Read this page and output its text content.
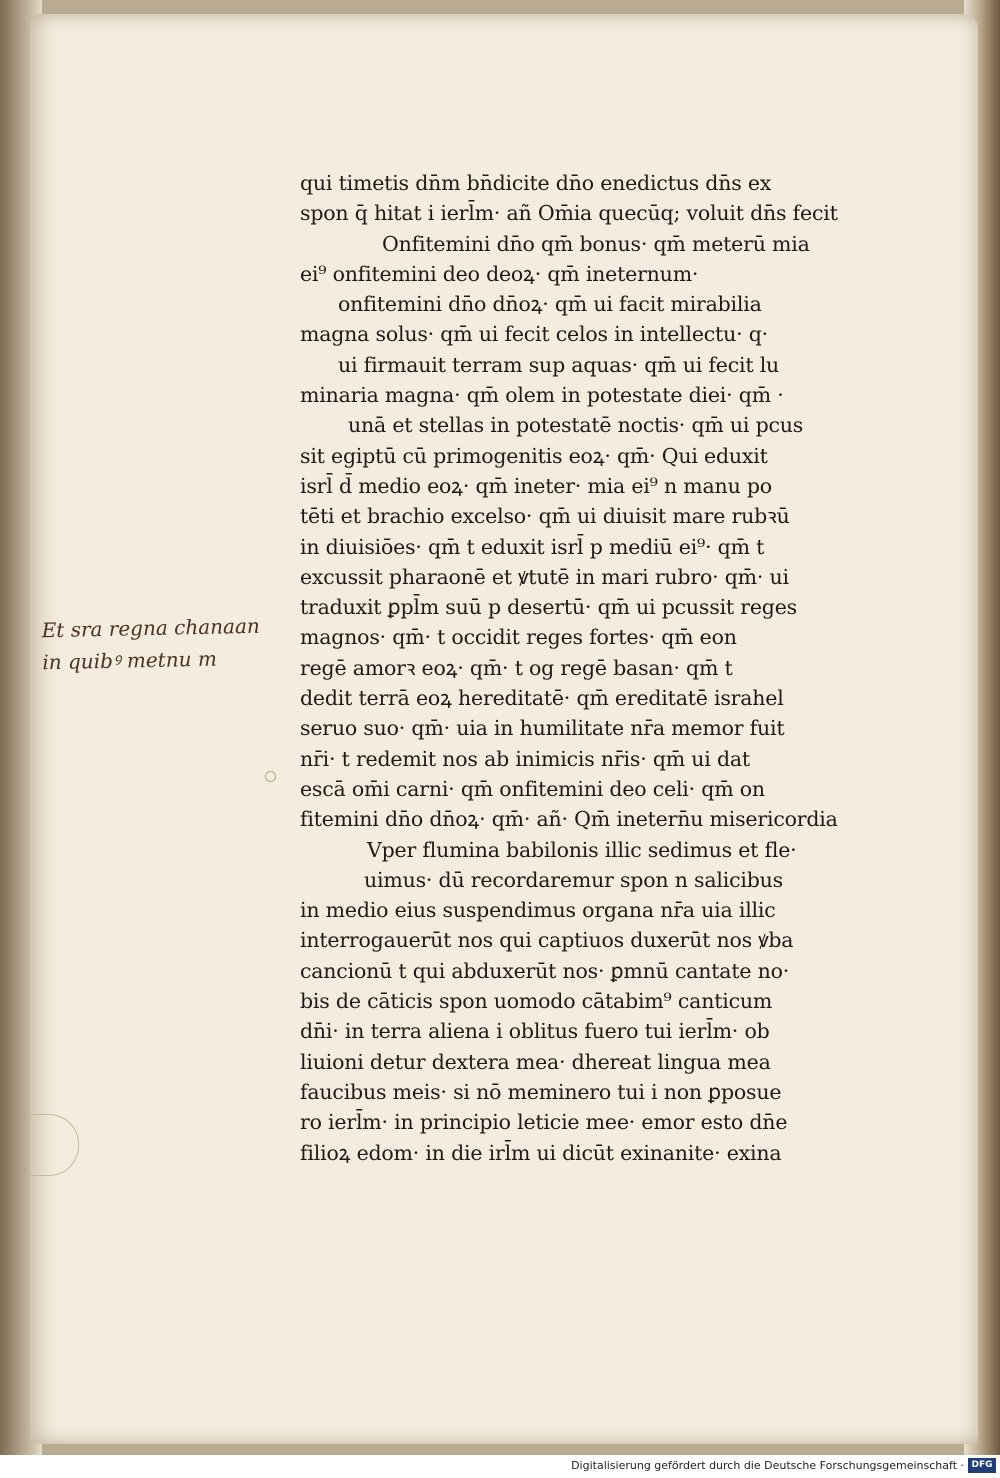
qui timetis dn̄m bn̄dicite dn̄o enedictus dn̄s ex
spon q̄ hitat i ierl̄m· añ Om̄ia quecūq; voluit dn̄s fecit
Onfitemini dn̄o qm̄ bonus· qm̄ meterū mia
ei⁹ onfitemini deo deoꝝ· qm̄ ineternum·
onfitemini dn̄o dn̄oꝝ· qm̄ ui facit mirabilia
magna solus· qm̄ ui fecit celos in intellectu· q·
ui firmauit terram sup aquas· qm̄ ui fecit lu
minaria magna· qm̄ olem in potestate diei· qm̄ ·
unā et stellas in potestatē noctis· qm̄ ui pcus
sit egiptū cū primogenitis eoꝝ· qm̄· Qui eduxit
isrl̄ d̄ medio eoꝝ· qm̄ ineter· mia ei⁹ n manu po
tēti et brachio excelso· qm̄ ui diuisit mare rubꝛū
in diuisiōes· qm̄ t eduxit isrl̄ p mediū ei⁹· qm̄ t
excussit pharaonē et ꝟtutē in mari rubro· qm̄· ui
traduxit ꝑpl̄m suū p desertū· qm̄ ui pcussit reges
magnos· qm̄· t occidit reges fortes· qm̄ eon
regē amorꝛ eoꝝ· qm̄· t og regē basan· qm̄ t
dedit terrā eoꝝ hereditatē· qm̄ ereditatē israhel
seruo suo· qm̄· uia in humilitate nr̄a memor fuit
nr̄i· t redemit nos ab inimicis nr̄is· qm̄ ui dat
escā om̄i carni· qm̄ onfitemini deo celi· qm̄ on
fitemini dn̄o dn̄oꝝ· qm̄· añ· Qm̄ inetern̄u misericordia
Vper flumina babilonis illic sedimus et fle·
uimus· dū recordaremur spon n salicibus
in medio eius suspendimus organa nr̄a uia illic
interrogauerūt nos qui captiuos duxerūt nos ꝟba
cancionū t qui abduxerūt nos· ꝑmnū cantate no·
bis de cāticis spon uomodo cātabim⁹ canticum
dn̄i· in terra aliena i oblitus fuero tui ierl̄m· ob
liuioni detur dextera mea· dhereat lingua mea
faucibus meis· si nō meminero tui i non ꝑposue
ro ierl̄m· in principio leticie mee· emor esto dn̄e
filioꝝ edom· in die irl̄m ui dicūt exinanite· exina
Et sra regna chanaan
in quibꝰ metnu m
Digitalisierung gefördert durch die Deutsche Forschungsgemeinschaft · DFG
